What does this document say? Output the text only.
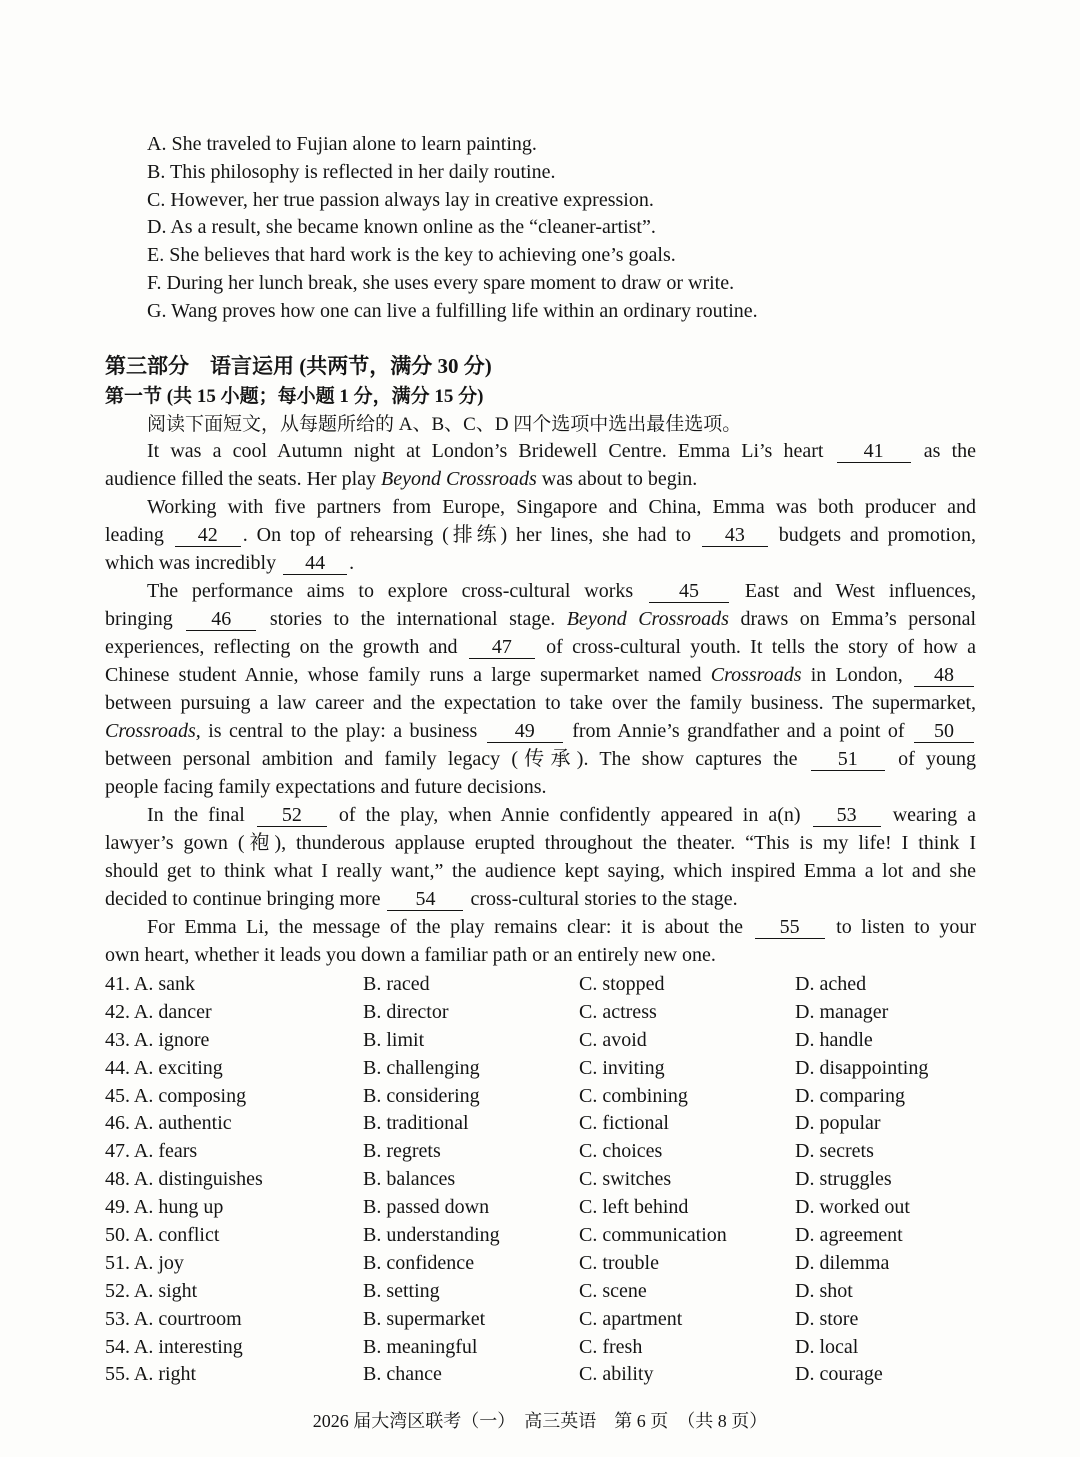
A. She traveled to Fujian alone to learn painting.
B. This philosophy is reflected in her daily routine.
C. However, her true passion always lay in creative expression.
D. As a result, she became known online as the “cleaner-artist”.
E. She believes that hard work is the key to achieving one’s goals.
F. During her lunch break, she uses every spare moment to draw or write.
G. Wang proves how one can live a fulfilling life within an ordinary routine.
第三部分　语言运用 (共两节，满分 30 分)
第一节 (共 15 小题；每小题 1 分，满分 15 分)
阅读下面短文，从每题所给的 A、B、C、D 四个选项中选出最佳选项。
It was a cool Autumn night at London’s Bridewell Centre. Emma Li’s heart 41 as the
audience filled the seats. Her play Beyond Crossroads was about to begin.
Working with five partners from Europe, Singapore and China, Emma was both producer and
leading 42 . On top of rehearsing (排练) her lines, she had to 43 budgets and promotion,
which was incredibly 44 .
The performance aims to explore cross-cultural works 45 East and West influences,
bringing 46 stories to the international stage. Beyond Crossroads draws on Emma’s personal
experiences, reflecting on the growth and 47 of cross-cultural youth. It tells the story of how a
Chinese student Annie, whose family runs a large supermarket named Crossroads in London, 48
between pursuing a law career and the expectation to take over the family business. The supermarket,
Crossroads, is central to the play: a business 49 from Annie’s grandfather and a point of 50
between personal ambition and family legacy (传承). The show captures the 51 of young
people facing family expectations and future decisions.
In the final 52 of the play, when Annie confidently appeared in a(n) 53 wearing a
lawyer’s gown (袍), thunderous applause erupted throughout the theater. “This is my life! I think I
should get to think what I really want,” the audience kept saying, which inspired Emma a lot and she
decided to continue bringing more 54 cross-cultural stories to the stage.
For Emma Li, the message of the play remains clear: it is about the 55 to listen to your
own heart, whether it leads you down a familiar path or an entirely new one.
41. A. sank	B. raced	C. stopped	D. ached
42. A. dancer	B. director	C. actress	D. manager
43. A. ignore	B. limit	C. avoid	D. handle
44. A. exciting	B. challenging	C. inviting	D. disappointing
45. A. composing	B. considering	C. combining	D. comparing
46. A. authentic	B. traditional	C. fictional	D. popular
47. A. fears	B. regrets	C. choices	D. secrets
48. A. distinguishes	B. balances	C. switches	D. struggles
49. A. hung up	B. passed down	C. left behind	D. worked out
50. A. conflict	B. understanding	C. communication	D. agreement
51. A. joy	B. confidence	C. trouble	D. dilemma
52. A. sight	B. setting	C. scene	D. shot
53. A. courtroom	B. supermarket	C. apartment	D. store
54. A. interesting	B. meaningful	C. fresh	D. local
55. A. right	B. chance	C. ability	D. courage
2026 届大湾区联考（一）　高三英语　第 6 页　（共 8 页）
